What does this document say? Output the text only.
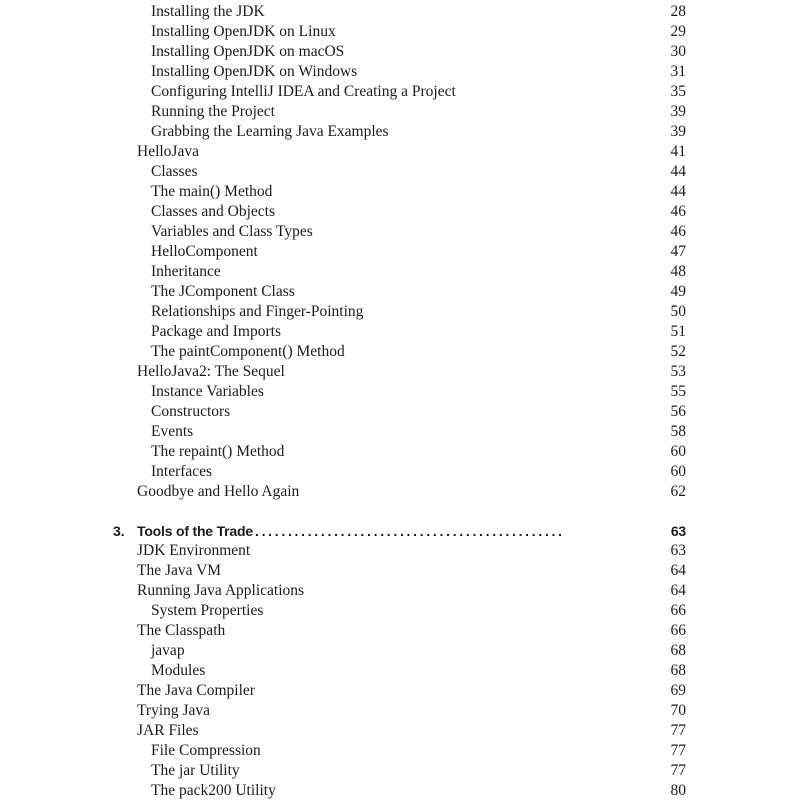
Installing the JDK	28
Installing OpenJDK on Linux	29
Installing OpenJDK on macOS	30
Installing OpenJDK on Windows	31
Configuring IntelliJ IDEA and Creating a Project	35
Running the Project	39
Grabbing the Learning Java Examples	39
HelloJava	41
Classes	44
The main() Method	44
Classes and Objects	46
Variables and Class Types	46
HelloComponent	47
Inheritance	48
The JComponent Class	49
Relationships and Finger-Pointing	50
Package and Imports	51
The paintComponent() Method	52
HelloJava2: The Sequel	53
Instance Variables	55
Constructors	56
Events	58
The repaint() Method	60
Interfaces	60
Goodbye and Hello Again	62
3. Tools of the Trade ...............................................	63
JDK Environment	63
The Java VM	64
Running Java Applications	64
System Properties	66
The Classpath	66
javap	68
Modules	68
The Java Compiler	69
Trying Java	70
JAR Files	77
File Compression	77
The jar Utility	77
The pack200 Utility	80
